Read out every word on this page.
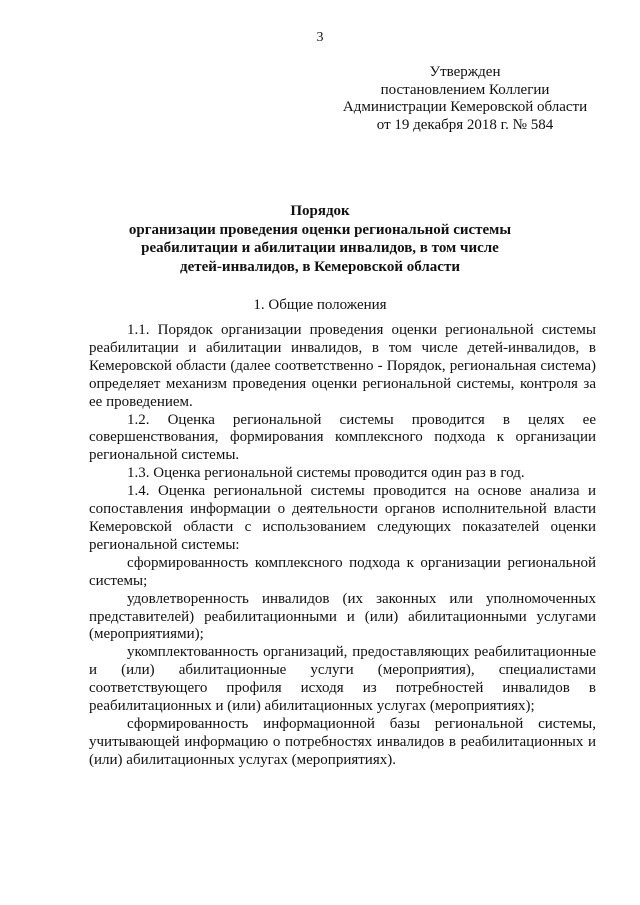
3
Утвержден
постановлением Коллегии
Администрации Кемеровской области
от 19 декабря 2018 г. № 584
Порядок
организации проведения оценки региональной системы
реабилитации и абилитации инвалидов, в том числе
детей-инвалидов, в Кемеровской области
1. Общие положения

1.1. Порядок организации проведения оценки региональной системы реабилитации и абилитации инвалидов, в том числе детей-инвалидов, в Кемеровской области (далее соответственно - Порядок, региональная система) определяет механизм проведения оценки региональной системы, контроля за ее проведением.

1.2. Оценка региональной системы проводится в целях ее совершенствования, формирования комплексного подхода к организации региональной системы.

1.3. Оценка региональной системы проводится один раз в год.

1.4. Оценка региональной системы проводится на основе анализа и сопоставления информации о деятельности органов исполнительной власти Кемеровской области с использованием следующих показателей оценки региональной системы:

сформированность комплексного подхода к организации региональной системы;

удовлетворенность инвалидов (их законных или уполномоченных представителей) реабилитационными и (или) абилитационными услугами (мероприятиями);

укомплектованность организаций, предоставляющих реабилитационные и (или) абилитационные услуги (мероприятия), специалистами соответствующего профиля исходя из потребностей инвалидов в реабилитационных и (или) абилитационных услугах (мероприятиях);

сформированность информационной базы региональной системы, учитывающей информацию о потребностях инвалидов в реабилитационных и (или) абилитационных услугах (мероприятиях).
